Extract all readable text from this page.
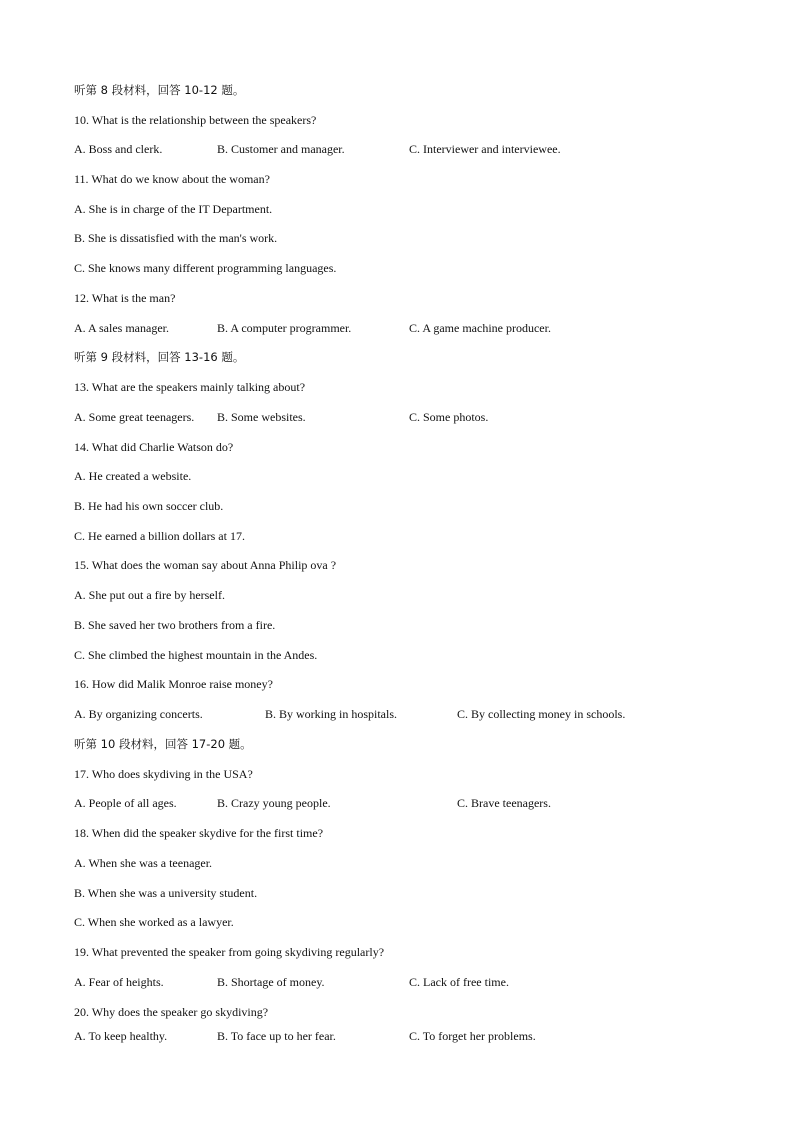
听第 8 段材料，回答 10-12 题。
10. What is the relationship between the speakers?
A. Boss and clerk.	B. Customer and manager.	C. Interviewer and interviewee.
11. What do we know about the woman?
A. She is in charge of the IT Department.
B. She is dissatisfied with the man's work.
C. She knows many different programming languages.
12. What is the man?
A. A sales manager.	B. A computer programmer.	C. A game machine producer.
听第 9 段材料，回答 13-16 题。
13. What are the speakers mainly talking about?
A. Some great teenagers. B. Some websites.	C. Some photos.
14. What did Charlie Watson do?
A. He created a website.
B. He had his own soccer club.
C. He earned a billion dollars at 17.
15. What does the woman say about Anna Philip ova ?
A. She put out a fire by herself.
B. She saved her two brothers from a fire.
C. She climbed the highest mountain in the Andes.
16. How did Malik Monroe raise money?
A. By organizing concerts.	B. By working in hospitals.	C. By collecting money in schools.
听第 10 段材料，回答 17-20 题。
17. Who does skydiving in the USA?
A. People of all ages.	B. Crazy young people.	C. Brave teenagers.
18. When did the speaker skydive for the first time?
A. When she was a teenager.
B. When she was a university student.
C. When she worked as a lawyer.
19. What prevented the speaker from going skydiving regularly?
A. Fear of heights.	B. Shortage of money.	C. Lack of free time.
20. Why does the speaker go skydiving?
A. To keep healthy.	B. To face up to her fear.	C. To forget her problems.
